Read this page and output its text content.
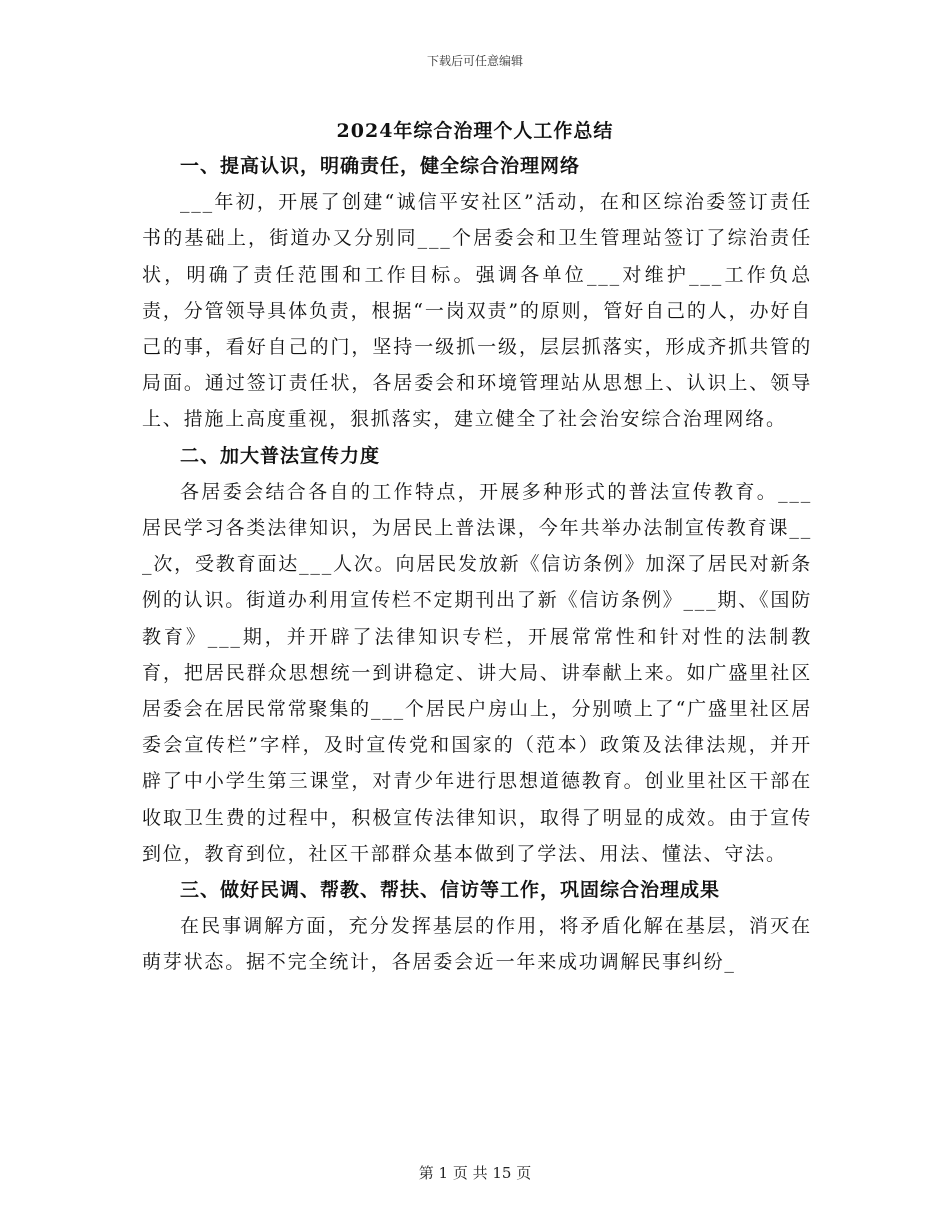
下载后可任意编辑
2024年综合治理个人工作总结

一、提高认识，明确责任，健全综合治理网络

___年初，开展了创建“诚信平安社区”活动，在和区综治委签订责任书的基础上，街道办又分别同___个居委会和卫生管理站签订了综治责任状，明确了责任范围和工作目标。强调各单位___对维护___工作负总责，分管领导具体负责，根据“一岗双责”的原则，管好自己的人，办好自己的事，看好自己的门，坚持一级抓一级，层层抓落实，形成齐抓共管的局面。通过签订责任状，各居委会和环境管理站从思想上、认识上、领导上、措施上高度重视，狠抓落实，建立健全了社会治安综合治理网络。

二、加大普法宣传力度

各居委会结合各自的工作特点，开展多种形式的普法宣传教育。___居民学习各类法律知识，为居民上普法课，今年共举办法制宣传教育课___次，受教育面达___人次。向居民发放新《信访条例》加深了居民对新条例的认识。街道办利用宣传栏不定期刊出了新《信访条例》___期、《国防教育》___期，并开辟了法律知识专栏，开展常常性和针对性的法制教育，把居民群众思想统一到讲稳定、讲大局、讲奉献上来。如广盛里社区居委会在居民常常聚集的___个居民户房山上，分别喷上了“广盛里社区居委会宣传栏”字样，及时宣传党和国家的（范本）政策及法律法规，并开辟了中小学生第三课堂，对青少年进行思想道德教育。创业里社区干部在收取卫生费的过程中，积极宣传法律知识，取得了明显的成效。由于宣传到位，教育到位，社区干部群众基本做到了学法、用法、懂法、守法。

三、做好民调、帮教、帮扶、信访等工作，巩固综合治理成果

在民事调解方面，充分发挥基层的作用，将矛盾化解在基层，消灭在萌芽状态。据不完全统计，各居委会近一年来成功调解民事纠纷_

第 1 页 共 15 页
